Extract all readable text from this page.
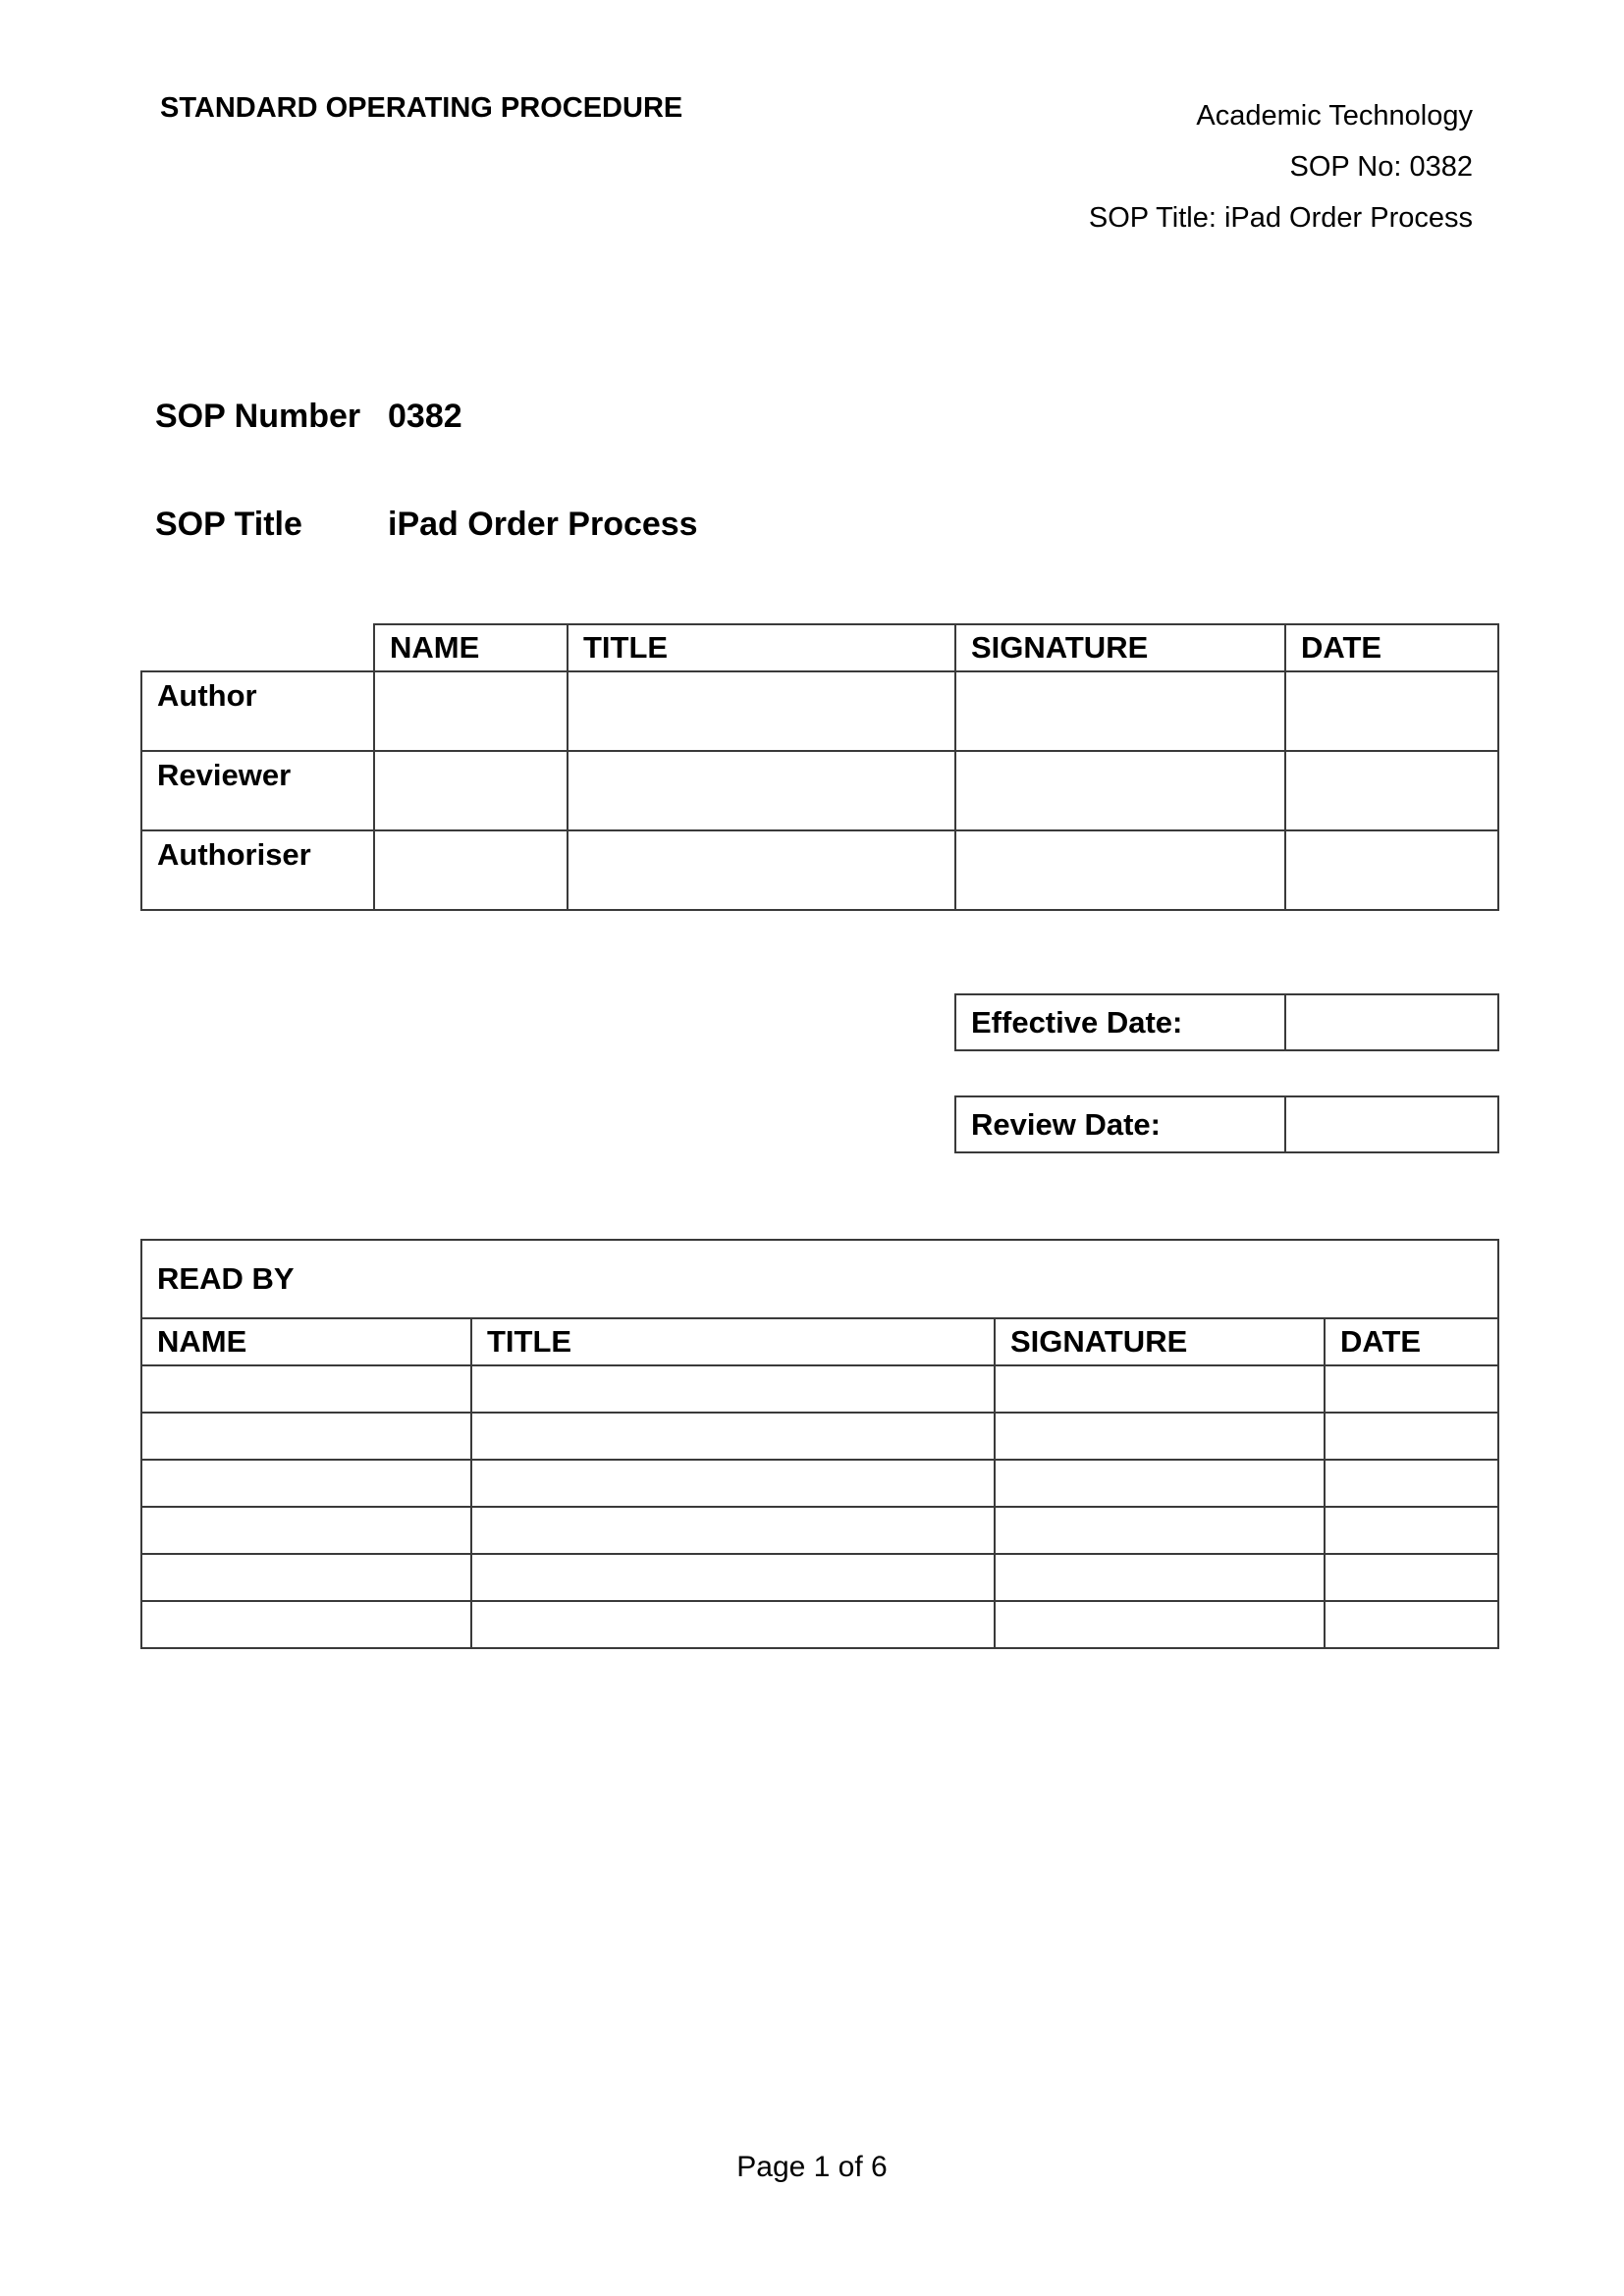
STANDARD OPERATING PROCEDURE	Academic Technology
SOP No: 0382
SOP Title: iPad Order Process
SOP Number 0382
SOP Title	iPad Order Process
	NAME	TITLE	SIGNATURE	DATE
Author				
Reviewer				
Authoriser				
Effective Date:	
Review Date:	
READ BY			
NAME	TITLE	SIGNATURE	DATE

Page 1 of 6
